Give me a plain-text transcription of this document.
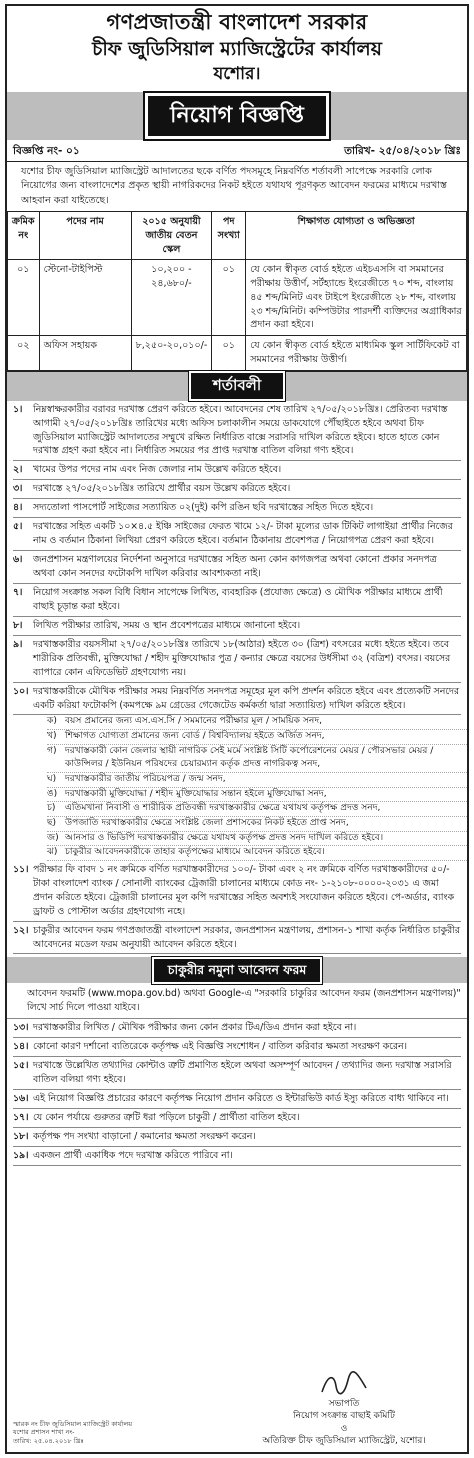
গণপ্রজাতন্ত্রী বাংলাদেশ সরকার
চীফ জুডিসিয়াল ম্যাজিস্ট্রেটের কার্যালয়
যশোর।
নিয়োগ বিজ্ঞপ্তি
বিজ্ঞপ্তি নং- ০১	তারিখ- ২৫/০৪/২০১৮ খ্রিঃ
যশোর চীফ জুডিসিয়াল ম্যাজিস্ট্রেট আদালতের ছকে বর্ণিত পদসমূহে নিম্নবর্ণিত শর্তাবলী সাপেক্ষে সরকারি লোক নিয়োগের জন্য বাংলাদেশের প্রকৃত স্থায়ী নাগরিকদের নিকট হইতে যথাযথ পূরণকৃত আবেদন ফরমের মাধ্যমে দরখাস্ত আহবান করা যাইতেছে।
ক্রমিক নং	পদের নাম	২০১৫ অনুযায়ী জাতীয় বেতন স্কেল	পদ সংখ্যা	শিক্ষাগত যোগ্যতা ও অভিজ্ঞতা
০১	স্টেনো-টাইপিস্ট	১০,২০০ - ২৪,৬৮০/-	০১	যে কোন স্বীকৃত বোর্ড হইতে এইচএসসি বা সমমানের পরীক্ষায় উত্তীর্ণ, সর্টহ্যান্ডে ইংরেজীতে ৭০ শব্দ, বাংলায় ৪৫ শব্দ/মিনিট এবং টাইপে ইংরেজীতে ২৮ শব্দ, বাংলায় ২৩ শব্দ/মিনিট। কম্পিউটার পারদর্শী ব্যক্তিদের অগ্রাধিকার প্রদান করা হইবে।
০২	অফিস সহায়ক	৮,২৫০-২০,০১০/-	০১	যে কোন স্বীকৃত বোর্ড হইতে মাধ্যমিক স্কুল সার্টিফিকেট বা সমমানের পরীক্ষায় উত্তীর্ণ।
শর্তাবলী
১।	নিম্নস্বাক্ষরকারীর বরাবর দরখাস্ত প্রেরণ করিতে হইবে। আবেদনের শেষ তারিখ ২৭/০৫/২০১৮খ্রিঃ। প্রেরিতব্য দরখাস্ত আগামী ২৭/০৫/২০১৮খ্রিঃ তারিখের মধ্যে অফিস চলাকালীন সময়ে ডাকযোগে পৌঁছাইতে হইবে অথবা চীফ জুডিসিয়াল ম্যাজিস্ট্রেট আদালতের সম্মুখে রক্ষিত নির্ধারিত বাক্সে সরাসরি দাখিল করিতে হইবে। হাতে হাতে কোন দরখাস্ত গ্রহণ করা হইবে না। নির্ধারিত সময়ের পর প্রাপ্ত দরখাস্ত বাতিল বলিয়া গণ্য হইবে।
২।	খামের উপর পদের নাম এবং নিজ জেলার নাম উল্লেখ করিতে হইবে।
৩।	দরখাস্তে ২৭/০৫/২০১৮খ্রিঃ তারিখে প্রার্থীর বয়স উল্লেখ করিতে হইবে।
৪।	সদ্যতোলা পাসপোর্ট সাইজের সত্যায়িত ০২(দুই) কপি রঙিন ছবি দরখাস্তের সহিত দিতে হইবে।
৫।	দরখাস্তের সহিত একটি ১০×৪.৫ ইঞ্চি সাইজের ফেরত খামে ১২/- টাকা মূল্যের ডাক টিকিট লাগাইয়া প্রার্থীর নিজের নাম ও বর্তমান ঠিকানা লিখিয়া প্রেরণ করিতে হইবে। বর্তমান ঠিকানায় প্রবেশপত্র / নিয়োগপত্র প্রেরণ করা হইবে।
৬।	জনপ্রশাসন মন্ত্রণালয়ের নির্দেশনা অনুসারে দরখাস্তের সহিত অন্য কোন কাগজপত্র অথবা কোনো প্রকার সনদপত্র অথবা কোন সনদের ফটোকপি দাখিল করিবার আবশ্যকতা নাই।
৭।	নিয়োগ সংক্রান্ত সকল বিধি বিধান সাপেক্ষে লিখিত, ব্যবহারিক (প্রযোজ্য ক্ষেত্রে) ও মৌখিক পরীক্ষার মাধ্যমে প্রার্থী বাছাই চূড়ান্ত করা হইবে।
৮।	লিখিত পরীক্ষার তারিখ, সময় ও স্থান প্রবেশপত্রের মাধ্যমে জানানো হইবে।
৯।	দরখাস্তকারীর বয়সসীমা ২৭/০৫/২০১৮খ্রিঃ তারিখে ১৮(আঠার) হইতে ৩০ (ত্রিশ) বৎসরের মধ্যে হইতে হইবে। তবে শারীরিক প্রতিবন্ধী, মুক্তিযোদ্ধা / শহীদ মুক্তিযোদ্ধার পুত্র / কন্যার ক্ষেত্রে বয়সের উর্ধসীমা ৩২ (বত্রিশ) বৎসর। বয়সের ব্যাপারে কোন এফিডেভিট গ্রহণযোগ্য নয়।
১০। দরখাস্তকারীকে মৌখিক পরীক্ষার সময় নিম্নবর্ণিত সনদপত্র সমূহের মূল কপি প্রদর্শন করিতে হইবে এবং প্রত্যেকটি সনদের একটি করিয়া ফটোকপি (কমপক্ষে ৯ম গ্রেডের গেজেটেড কর্মকর্তা দ্বারা সত্যায়িত) দাখিল করিতে হইবে।
ক) বয়স প্রমানের জন্য এস.এস.সি / সমমানের পরীক্ষার মূল / সাময়িক সনদ,
খ) শিক্ষাগত যোগ্যতা প্রমানের জন্য বোর্ড / বিশ্ববিদ্যালয় হইতে অর্জিত সনদ,
গ) দরখাস্তকারী কোন জেলার স্থায়ী নাগরিক সেই মর্মে সংশ্লিষ্ট সিটি কর্পোরেশনের মেয়র / পৌরসভার মেয়র / কাউন্সিলর / ইউনিয়ন পরিষদের চেয়ারম্যান কর্তৃক প্রদত্ত নাগরিকত্ব সনদ,
ঘ) দরখাস্তকারীর জাতীয় পরিচয়পত্র / জন্ম সনদ,
ঙ) দরখাস্তকারী মুক্তিযোদ্ধা / শহীদ মুক্তিযোদ্ধার সন্তান হইলে মুক্তিযোদ্ধা সনদ,
চ)	এতিমখানা নিবাসী ও শারীরিক প্রতিবন্ধী দরখাস্তকারীর ক্ষেত্রে যথাযথ কর্তৃপক্ষ প্রদত্ত সনদ,
ছ) উপজাতি দরখাস্তকারীর ক্ষেত্রে সংশ্লিষ্ট জেলা প্রশাসকের নিকট হইতে প্রাপ্ত সনদ,
জ) আনসার ও ভিডিপি দরখাস্তকারীর ক্ষেত্রে যথাযথ কর্তৃপক্ষ প্রদত্ত সনদ দাখিল করিতে হইবে।
ঝ) চাকুরীর আবেদনকারীকে তাহার কর্তৃপক্ষের মাধ্যমে আবেদন করিতে হইবে।
১১। পরীক্ষার ফি বাবদ ১ নং ক্রমিকে বর্ণিত দরখাস্তকারীদের ১০০/- টাকা এবং ২ নং ক্রমিকে বর্ণিত দরখাস্তকারীদের ৫০/- টাকা বাংলাদেশ ব্যাংক / সোনালী ব্যাংকের ট্রেজারী চালানের মাধ্যমে কোড নং- ১-২১০৮-০০০০-২০৩১ এ জমা প্রদান করিতে হইবে। ট্রেজারী চালানের মূল কপি দরখাস্তের সহিত অবশ্যই সংযোজন করিতে হইবে। পে-অর্ডার, ব্যাংক ড্রাফট ও পোস্টাল অর্ডার গ্রহণযোগ্য নহে।
১২। চাকুরীর আবেদন ফরম গণপ্রজাতন্ত্রী বাংলাদেশ সরকার, জনপ্রশাসন মন্ত্রণালয়, প্রশাসন-১ শাখা কর্তৃক নির্ধারিত চাকুরীর আবেদনের মডেল ফরম অনুযায়ী আবেদন করিতে হইবে।
চাকুরীর নমুনা আবেদন ফরম
আবেদন ফরমটি (www.mopa.gov.bd) অথবা Google-এ "সরকারি চাকুরির আবেদন ফরম (জনপ্রশাসন মন্ত্রণালয়)" লিখে সার্চ দিলে পাওয়া যাইবে।
১৩। দরখাস্তকারীর লিখিত / মৌখিক পরীক্ষার জন্য কোন প্রকার টিএ/ডিএ প্রদান করা হইবে না।
১৪। কোনো কারণ দর্শানো ব্যতিরেকে কর্তৃপক্ষ এই বিজ্ঞপ্তি সংশোধন / বাতিল করিবার ক্ষমতা সংরক্ষণ করেন।
১৫। দরখাস্তে উল্লেখিত তথ্যাদির কোন্টাও ত্রুটি প্রমাণিত হইলে অথবা অসম্পূর্ণ আবেদন / তথ্যাদির জন্য দরখাস্ত সরাসরি বাতিল বলিয়া গণ্য হইবে।
১৬। এই নিয়োগ বিজ্ঞপ্তি প্রচারের কারণে কর্তৃপক্ষ নিয়োগ প্রদান করিতে ও ইন্টারভিউ কার্ড ইস্যু করিতে বাধ্য থাকিবে না।
১৭। যে কোন পর্যায়ে গুরুতর ত্রুটি ধরা পড়িলে চাকুরী / প্রার্থীতা বাতিল হইবে।
১৮। কর্তৃপক্ষ পদ সংখ্যা বাড়ানো / কমানোর ক্ষমতা সংরক্ষণ করেন।
১৯। একজন প্রার্থী একাধিক পদে দরখাস্ত করিতে পারিবে না।
স্মারক নং চীফ জুডিসিয়াল ম্যাজিস্ট্রেট কার্যালয়
যশোর প্রশাসন শাখা নং-
তারিখ: ২৫.০৪.২০১৮ খ্রিঃ
সভাপতি
নিয়োগ সংক্রান্ত বাছাই কমিটি
ও
অতিরিক্ত চীফ জুডিসিয়াল ম্যাজিস্ট্রেট, যশোর।
